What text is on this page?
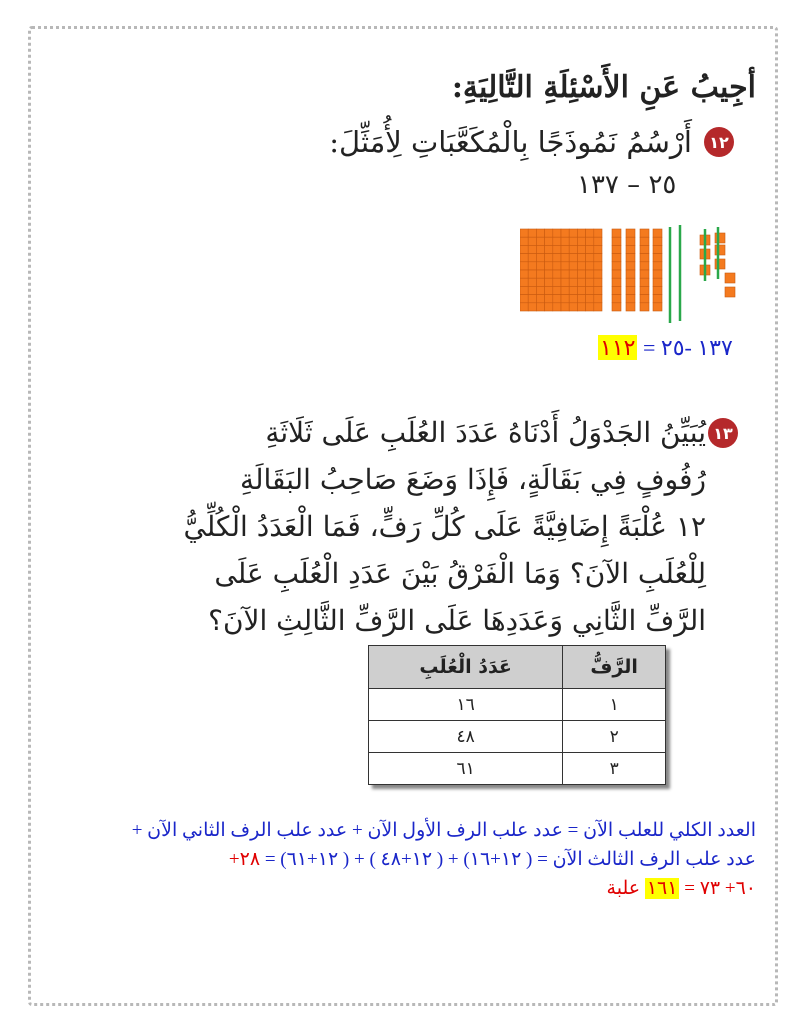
أجِيبُ عَنِ الأَسْئِلَةِ التَّالِيَةِ:
١٢
أَرْسُمُ نَمُوذَجًا بِالْمُكَعَّبَاتِ لِأُمَثِّلَ:
٢٥ – ١٣٧
١٣٧ -٢٥ = ١١٢
١٣
يُبَيِّنُ الجَدْوَلُ أَدْنَاهُ عَدَدَ العُلَبِ عَلَى ثَلَاثَةِ
رُفُوفٍ فِي بَقَالَةٍ، فَإِذَا وَضَعَ صَاحِبُ البَقَالَةِ
١٢ عُلْبَةً إِضَافِيَّةً عَلَى كُلِّ رَفٍّ، فَمَا الْعَدَدُ الْكُلِّيُّ
لِلْعُلَبِ الآنَ؟ وَمَا الْفَرْقُ بَيْنَ عَدَدِ الْعُلَبِ عَلَى
الرَّفِّ الثَّانِي وَعَدَدِهَا عَلَى الرَّفِّ الثَّالِثِ الآنَ؟
الرَّفُّ	عَدَدُ الْعُلَبِ
١	١٦
٢	٤٨
٣	٦١
العدد الكلي للعلب الآن = عدد علب الرف الأول الآن + عدد علب الرف الثاني الآن +
عدد علب الرف الثالث الآن = ( ١٢+١٦) + ( ١٢+٤٨ ) + ( ١٢+٦١) = ٢٨+
٦٠+ ٧٣ = ١٦١ علبة
